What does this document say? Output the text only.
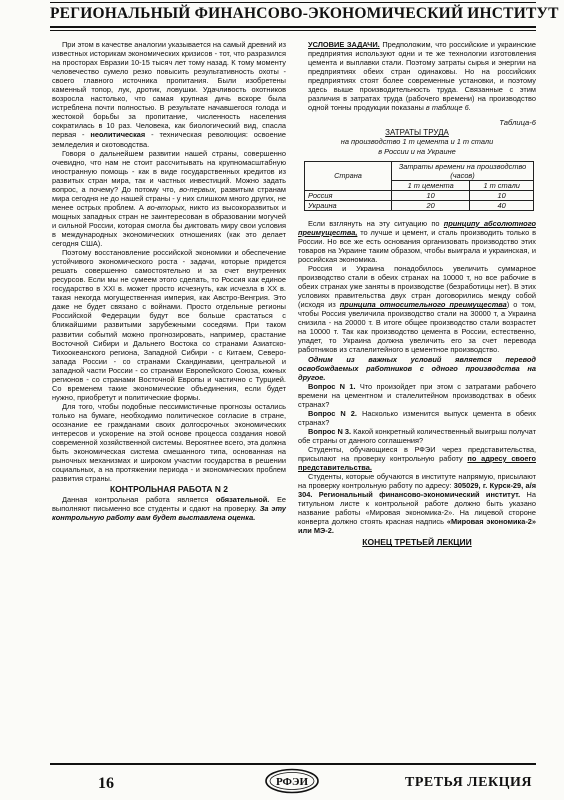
РЕГИОНАЛЬНЫЙ ФИНАНСОВО-ЭКОНОМИЧЕСКИЙ ИНСТИТУТ

При этом в качестве аналогии указывается на самый древний из известных историкам экономических кризисов - тот, что разразился на просторах Евразии 10-15 тысяч лет тому назад. К тому моменту человечество сумело резко повысить результативность охоты - своего главного источника пропитания. Были изобретены каменный топор, лук, дротик, ловушки. Удачливость охотников возросла настолько, что самая крупная дичь вскоре была истреблена почти полностью. В результате начавшегося голода и жестокой борьбы за пропитание, численность населения сократилась в 10 раз. Человека, как биологический вид, спасла первая - неолитическая - техническая революция: освоение земледелия и скотоводства.

Говоря о дальнейшем развитии нашей страны, совершенно очевидно, что нам не стоит рассчитывать на крупномасштабную иностранную помощь - как в виде государственных кредитов из развитых стран мира, так и частных инвестиций. Можно задать вопрос, а почему? До потому что, во-первых, развитым странам мира сегодня не до нашей страны - у них слишком много других, не менее острых проблем. А во-вторых, никто из высокоразвитых и мощных западных стран не заинтересован в образовании могучей и сильной России, которая смогла бы диктовать миру свои условия в международных экономических отношениях (как это делает сегодня США).

Поэтому восстановление российской экономики и обеспечение устойчивого экономического роста - задачи, которые придется решать совершенно самостоятельно и за счет внутренних ресурсов. Если мы не сумеем этого сделать, то Россия как единое государство в XXI в. может просто исчезнуть, как исчезла в XX в. такая некогда могущественная империя, как Австро-Венгрия. Это даже не будет связано с войнами. Просто отдельные регионы Российской Федерации будут все больше срастаться с ближайшими развитыми зарубежными соседями. При таком развитии событий можно прогнозировать, например, срастание Восточной Сибири и Дальнего Востока со странами Азиатско-Тихоокеанского региона, Западной Сибири - с Китаем, Северо-запада России - со странами Скандинавии, центральной и западной части России - со странами Европейского Союза, южных регионов - со странами Восточной Европы и частично с Турцией. Со временем такие экономические объединения, если будет нужно, приобретут и политические формы.

Для того, чтобы подобные пессимистичные прогнозы остались только на бумаге, необходимо политическое согласие в стране, осознание ее гражданами своих долгосрочных экономических интересов и ускорение на этой основе процесса создания новой современной хозяйственной системы. Вероятнее всего, эта должна быть экономическая система смешанного типа, основанная на рыночных механизмах и широком участии государства в решении социальных, а на протяжении периода - и экономических проблем развития страны.

КОНТРОЛЬНАЯ РАБОТА N 2

Данная контрольная работа является обязательной. Ее выполняют письменно все студенты и сдают на проверку. За эту контрольную работу вам будет выставлена оценка.

УСЛОВИЕ ЗАДАЧИ. Предположим, что российские и украинские предприятия используют одни и те же технологии изготовления цемента и выплавки стали. Поэтому затраты сырья и энергии на предприятиях обеих стран одинаковы. Но на российских предприятиях стоят более современные установки, и поэтому здесь выше производительность труда. Связанные с этим различия в затратах труда (рабочего времени) на производство одной тонны продукции показаны в таблице 6.

Таблица-6
ЗАТРАТЫ ТРУДА
на производство 1 т цемента и 1 т стали
в России и на Украине
Страна	Затраты времени на производство (часов)	
	1 т цемента	1 т стали
Россия	10	10
Украина	20	40

Если взглянуть на эту ситуацию по принципу абсолютного преимущества, то лучше и цемент, и сталь производить только в России. Но все же есть основания организовать производство этих товаров на Украине таким образом, чтобы выиграла и украинская, и российская экономика.

Россия и Украина понадобилось увеличить суммарное производство стали в обеих странах на 10000 т, но все рабочие в обеих странах уже заняты в производстве (безработицы нет). В этих условиях правительства двух стран договорились между собой (исходя из принципа относительного преимущества) о том, чтобы Россия увеличила производство стали на 30000 т, а Украина снизила - на 20000 т. В итоге общее производство стали возрастет на 10000 т. Так как производство цемента в России, естественно, упадет, то Украина должна увеличить его за счет перевода работников из сталелитейного в цементное производство.

Одним из важных условий является перевод освобождаемых работников с одного производства на другое.

Вопрос N 1. Что произойдет при этом с затратами рабочего времени на цементном и сталелитейном производствах в обеих странах?

Вопрос N 2. Насколько изменится выпуск цемента в обеих странах?

Вопрос N 3. Какой конкретный количественный выигрыш получат обе страны от данного соглашения?

Студенты, обучающиеся в РФЭИ через представительства, присылают на проверку контрольную работу по адресу своего представительства.

Студенты, которые обучаются в институте напрямую, присылают на проверку контрольную работу по адресу: 305029, г. Курск-29, а/я 304. Региональный финансово-экономический институт. На титульном листе к контрольной работе должно быть указано название работы «Мировая экономика-2». На лицевой стороне конверта должно стоять красная надпись «Мировая экономика-2» или МЭ-2.

КОНЕЦ ТРЕТЬЕЙ ЛЕКЦИИ
16	РФЭИ	ТРЕТЬЯ ЛЕКЦИЯ
